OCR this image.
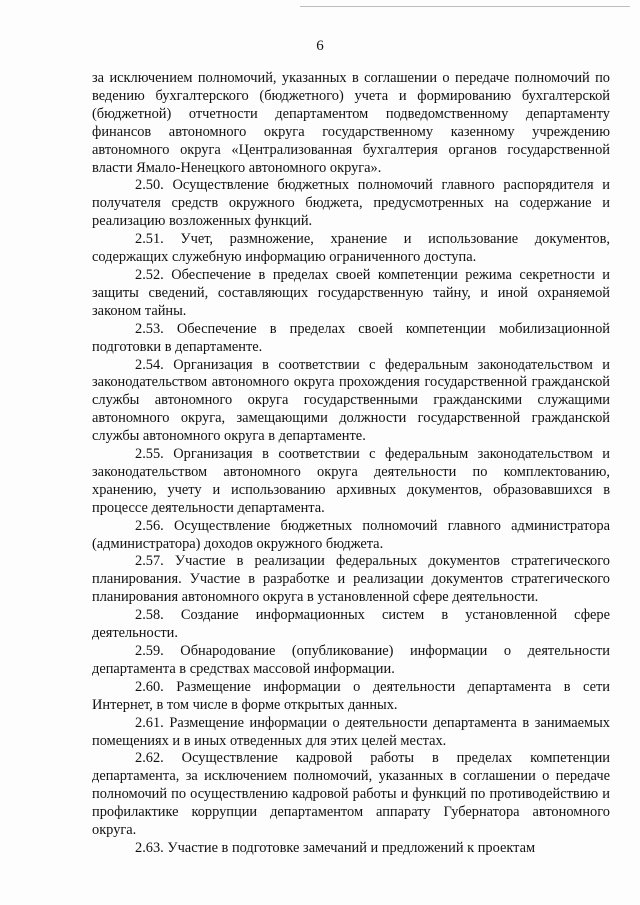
6

за исключением полномочий, указанных в соглашении о передаче полномочий по ведению бухгалтерского (бюджетного) учета и формированию бухгалтерской (бюджетной) отчетности департаментом подведомственному департаменту финансов автономного округа государственному казенному учреждению автономного округа «Централизованная бухгалтерия органов государственной власти Ямало-Ненецкого автономного округа».

2.50. Осуществление бюджетных полномочий главного распорядителя и получателя средств окружного бюджета, предусмотренных на содержание и реализацию возложенных функций.

2.51. Учет, размножение, хранение и использование документов, содержащих служебную информацию ограниченного доступа.

2.52. Обеспечение в пределах своей компетенции режима секретности и защиты сведений, составляющих государственную тайну, и иной охраняемой законом тайны.

2.53. Обеспечение в пределах своей компетенции мобилизационной подготовки в департаменте.

2.54. Организация в соответствии с федеральным законодательством и законодательством автономного округа прохождения государственной гражданской службы автономного округа государственными гражданскими служащими автономного округа, замещающими должности государственной гражданской службы автономного округа в департаменте.

2.55. Организация в соответствии с федеральным законодательством и законодательством автономного округа деятельности по комплектованию, хранению, учету и использованию архивных документов, образовавшихся в процессе деятельности департамента.

2.56. Осуществление бюджетных полномочий главного администратора (администратора) доходов окружного бюджета.

2.57. Участие в реализации федеральных документов стратегического планирования. Участие в разработке и реализации документов стратегического планирования автономного округа в установленной сфере деятельности.

2.58. Создание информационных систем в установленной сфере деятельности.

2.59. Обнародование (опубликование) информации о деятельности департамента в средствах массовой информации.

2.60. Размещение информации о деятельности департамента в сети Интернет, в том числе в форме открытых данных.

2.61. Размещение информации о деятельности департамента в занимаемых помещениях и в иных отведенных для этих целей местах.

2.62. Осуществление кадровой работы в пределах компетенции департамента, за исключением полномочий, указанных в соглашении о передаче полномочий по осуществлению кадровой работы и функций по противодействию и профилактике коррупции департаментом аппарату Губернатора автономного округа.

2.63. Участие в подготовке замечаний и предложений к проектам
